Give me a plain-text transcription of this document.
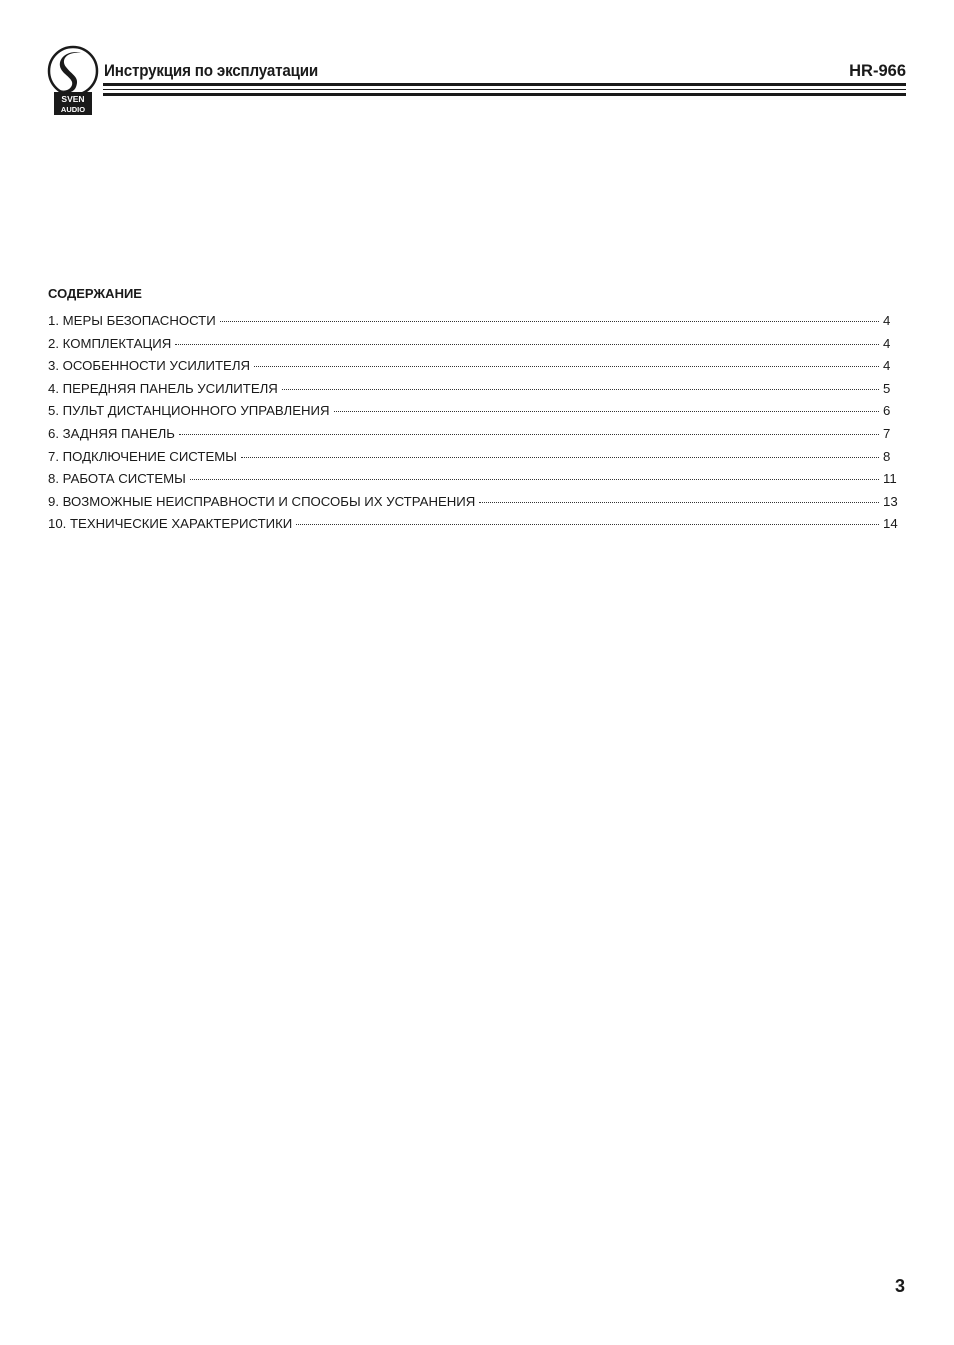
SVEN
AUDIO
Инструкция по эксплуатации	HR-966
СОДЕРЖАНИЕ
1. МЕРЫ БЕЗОПАСНОСТИ	4
2. КОМПЛЕКТАЦИЯ	4
3. ОСОБЕННОСТИ УСИЛИТЕЛЯ	4
4. ПЕРЕДНЯЯ ПАНЕЛЬ УСИЛИТЕЛЯ	5
5. ПУЛЬТ ДИСТАНЦИОННОГО УПРАВЛЕНИЯ	6
6. ЗАДНЯЯ ПАНЕЛЬ	7
7. ПОДКЛЮЧЕНИЕ СИСТЕМЫ	8
8. РАБОТА СИСТЕМЫ	11
9. ВОЗМОЖНЫЕ НЕИСПРАВНОСТИ И СПОСОБЫ ИХ УСТРАНЕНИЯ	13
10. ТЕХНИЧЕСКИЕ ХАРАКТЕРИСТИКИ	14
3
